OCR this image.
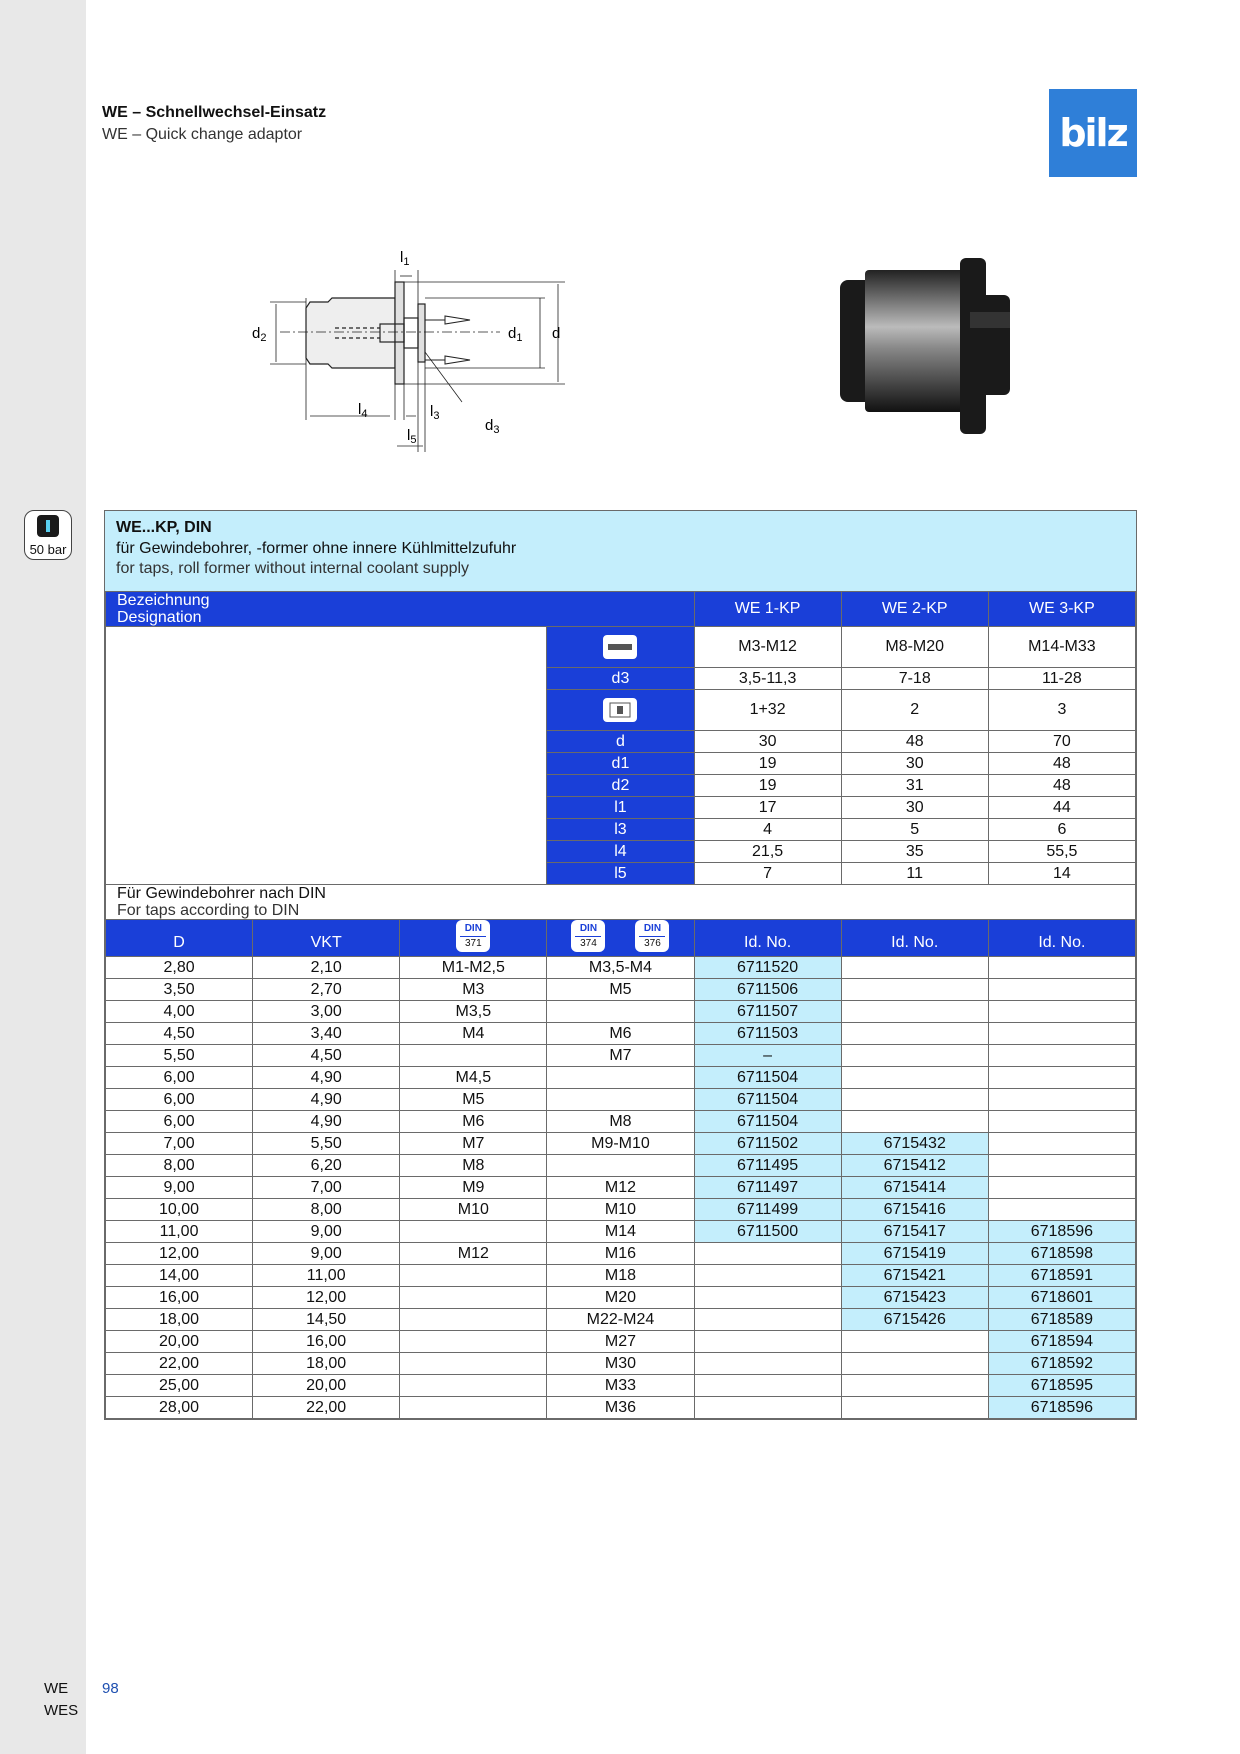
50 bar
WE
WES
98
WE – Schnellwechsel-Einsatz
WE – Quick change adaptor	bilz
$l_1$
$d_2$	$d_1$ d
$l_4$	$l_3$
$d_3$
$l_5$
WE...KP, DIN
für Gewindebohrer, -former ohne innere Kühlmittelzufuhr
for taps, roll former without internal coolant supply
Bezeichnung
Designation				WE 1-KP	WE 2-KP	WE 3-KP
		M3-M12	M8-M20	M14-M33
			d3	3,5-11,3	7-18	11-28
	1+32	2	3
			d	30	48	70
			d1	19	30	48
			d2	19	31	48
			l1	17	30	44
			l3	4	5	6
			l4	21,5	35	55,5
			l5	7	11	14

Für Gewindebohrer nach DIN
For taps according to DIN						

D	VKT	DIN
371	DIN
374
DIN
376	Id. No.	Id. No.	Id. No.
2,80	2,10	M1-M2,5	M3,5-M4	6711520		
3,50	2,70	M3	M5	6711506		
4,00	3,00	M3,5		6711507		
4,50	3,40	M4	M6	6711503		
5,50	4,50		M7	–		
6,00	4,90	M4,5		6711504		
6,00	4,90	M5		6711504		
6,00	4,90	M6	M8	6711504		
7,00	5,50	M7	M9-M10	6711502	6715432	
8,00	6,20	M8		6711495	6715412	
9,00	7,00	M9	M12	6711497	6715414	
10,00	8,00	M10	M10	6711499	6715416	
11,00	9,00		M14	6711500	6715417	6718596
12,00	9,00	M12	M16		6715419	6718598
14,00	11,00		M18		6715421	6718591
16,00	12,00		M20		6715423	6718601
18,00	14,50		M22-M24		6715426	6718589
20,00	16,00		M27			6718594
22,00	18,00		M30			6718592
25,00	20,00		M33			6718595
28,00	22,00		M36			6718596
